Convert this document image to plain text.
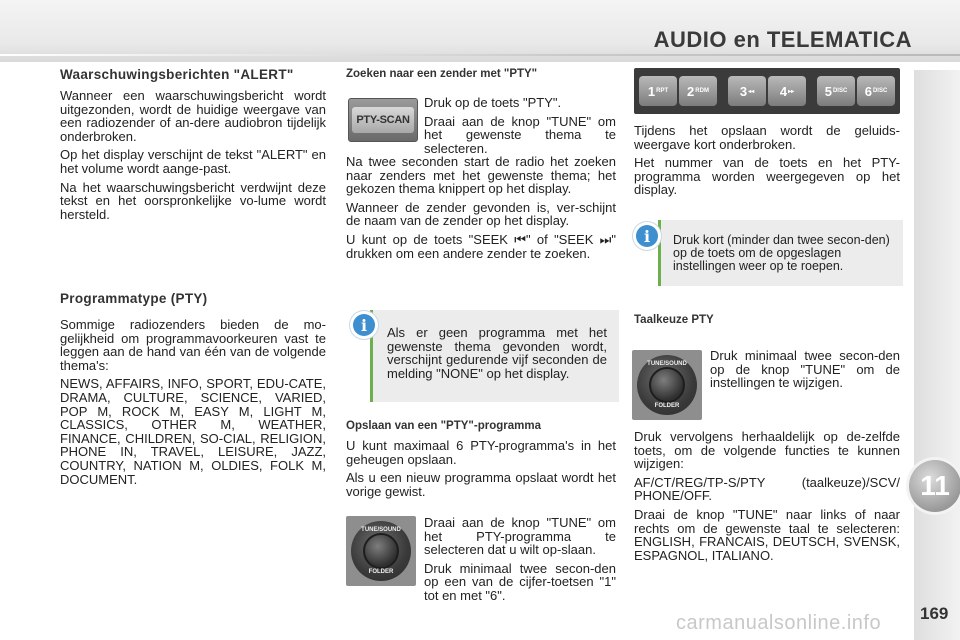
AUDIO en TELEMATICA
11
169
carmanualsonline.info
Waarschuwingsberichten "ALERT"

Wanneer een waarschuwingsbericht wordt uitgezonden, wordt de huidige weergave van een radiozender of an-dere audiobron tijdelijk onderbroken.

Op het display verschijnt de tekst "ALERT" en het volume wordt aange-past.

Na het waarschuwingsbericht verdwijnt deze tekst en het oorspronkelijke vo-lume wordt hersteld.

Programmatype (PTY)

Sommige radiozenders bieden de mo-gelijkheid om programmavoorkeuren vast te leggen aan de hand van één van de volgende thema's:

NEWS, AFFAIRS, INFO, SPORT, EDU-CATE, DRAMA, CULTURE, SCIENCE, VARIED, POP M, ROCK M, EASY M, LIGHT M, CLASSICS, OTHER M, WEATHER, FINANCE, CHILDREN, SO-CIAL, RELIGION, PHONE IN, TRAVEL, LEISURE, JAZZ, COUNTRY, NATION M, OLDIES, FOLK M, DOCUMENT.

Zoeken naar een zender met "PTY"
PTY-SCAN

Druk op de toets "PTY".

Draai aan de knop "TUNE" om het gewenste thema te selecteren.

Na twee seconden start de radio het zoeken naar zenders met het gewenste thema; het gekozen thema knippert op het display.

Wanneer de zender gevonden is, ver-schijnt de naam van de zender op het display.

U kunt op de toets "SEEK ⏮" of "SEEK ⏭" drukken om een andere zender te zoeken.

Als er geen programma met het gewenste thema gevonden wordt, verschijnt gedurende vijf seconden de melding "NONE" op het display.
i
Opslaan van een "PTY"-programma

U kunt maximaal 6 PTY-programma's in het geheugen opslaan.

Als u een nieuw programma opslaat wordt het vorige gewist.

TUNE/SOUND
FOLDER

Draai aan de knop "TUNE" om het PTY-programma te selecteren dat u wilt op-slaan.

Druk minimaal twee secon-den op een van de cijfer-toetsen "1" tot en met "6".

1 RPT 2 RDM 3 ◂◂ 4 ▸▸ 5 DISC 6 DISC

Tijdens het opslaan wordt de geluids-weergave kort onderbroken.

Het nummer van de toets en het PTY-programma worden weergegeven op het display.

Druk kort (minder dan twee secon-den) op de toets om de opgeslagen instellingen weer op te roepen.
i
Taalkeuze PTY
TUNE/SOUND
FOLDER

Druk minimaal twee secon-den op de knop "TUNE" om de instellingen te wijzigen.

Druk vervolgens herhaaldelijk op de-zelfde toets, om de volgende functies te kunnen wijzigen:

AF/CT/REG/TP-S/PTY (taalkeuze)/SCV/ PHONE/OFF.

Draai de knop "TUNE" naar links of naar rechts om de gewenste taal te selecteren: ENGLISH, FRANCAIS, DEUTSCH, SVENSK, ESPAGNOL, ITALIANO.
